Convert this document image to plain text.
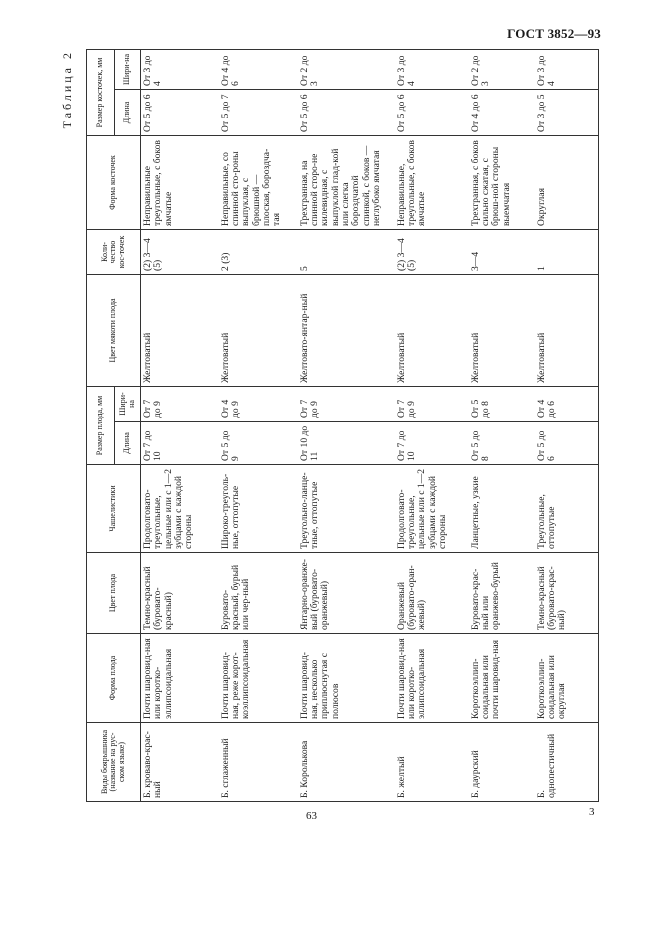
ГОСТ 3852—93
Таблица 2
Виды боярышника (название на рус-ском языке)	Форма плода	Цвет плода	Чашелистики	Размер плода, мм		Цвет мякоти плода	Коли-чество кос-точек	Форма косточек	Размер косточек, мм	
				Длина	Шири-на				Длина	Шири-на
Б. кроваво-крас-ный	Почти шаровид-ная или коротко-эллипсоидальная	Темно-красный (буровато-красный)	Продолговато-треугольные, цельные или с 1—2 зубцами с каждой стороны	От 7 до 10	От 7 до 9	Желтоватый	(2) 3—4 (5)	Неправильные треугольные, с боков ямчатые	От 5 до 6	От 3 до 4
Б. сглаженный	Почти шаровид-ная, реже корот-коэллипсоидальная	Буровато-красный, бурый или чер-ный	Широко-треуголь-ные, оттопутые	От 5 до 9	От 4 до 9	Желтоватый	2 (3)	Неправильные, со спинной сто-роны выпуклая, с брюшной — плоская, бороздча-тая	От 5 до 7	От 4 до 6
Б. Королькова	Почти шаровид-ная, несколько приплюснутая с полюсов	Янтарно-оранже-вый (буровато-оранжевый)	Треугольно-ланце-тные, оттопутые	От 10 до 11	От 7 до 9	Желтовато-янтар-ный	5	Трехгранная, на спинной сторо-не килевидная, с выпуклой глад-кой или слегка бороздчатой спинкой, с боков — неглубоко ямчатая	От 5 до 6	От 2 до 3
Б. желтый	Почти шаровид-ная или коротко-эллипсоидальная	Оранжевый (буровато-оран-жевый)	Продолговато-треугольные, цельные или с 1—2 зубцами с каждой стороны	От 7 до 10	От 7 до 9	Желтоватый	(2) 3—4 (5)	Неправильные, треугольные, с боков ямчатые	От 5 до 6	От 3 до 4
Б. даурский	Короткоэллип-соидальная или почти шаровид-ная	Буровато-крас-ный или оранжево-бурый	Ланцетные, узкие	От 5 до 8	От 5 до 8	Желтоватый	3—4	Трехгранная, с боков сильно сжатая, с брюш-ной стороны выемчатая	От 4 до 6	От 2 до 3
Б. однопестичный	Короткоэллип-соидальная или округлая	Темно-красный (буровато-крас-ный)	Треугольные, оттопутые	От 5 до 6	От 4 до 6	Желтоватый	1	Округлая	От 3 до 5	От 3 до 4
63	3
